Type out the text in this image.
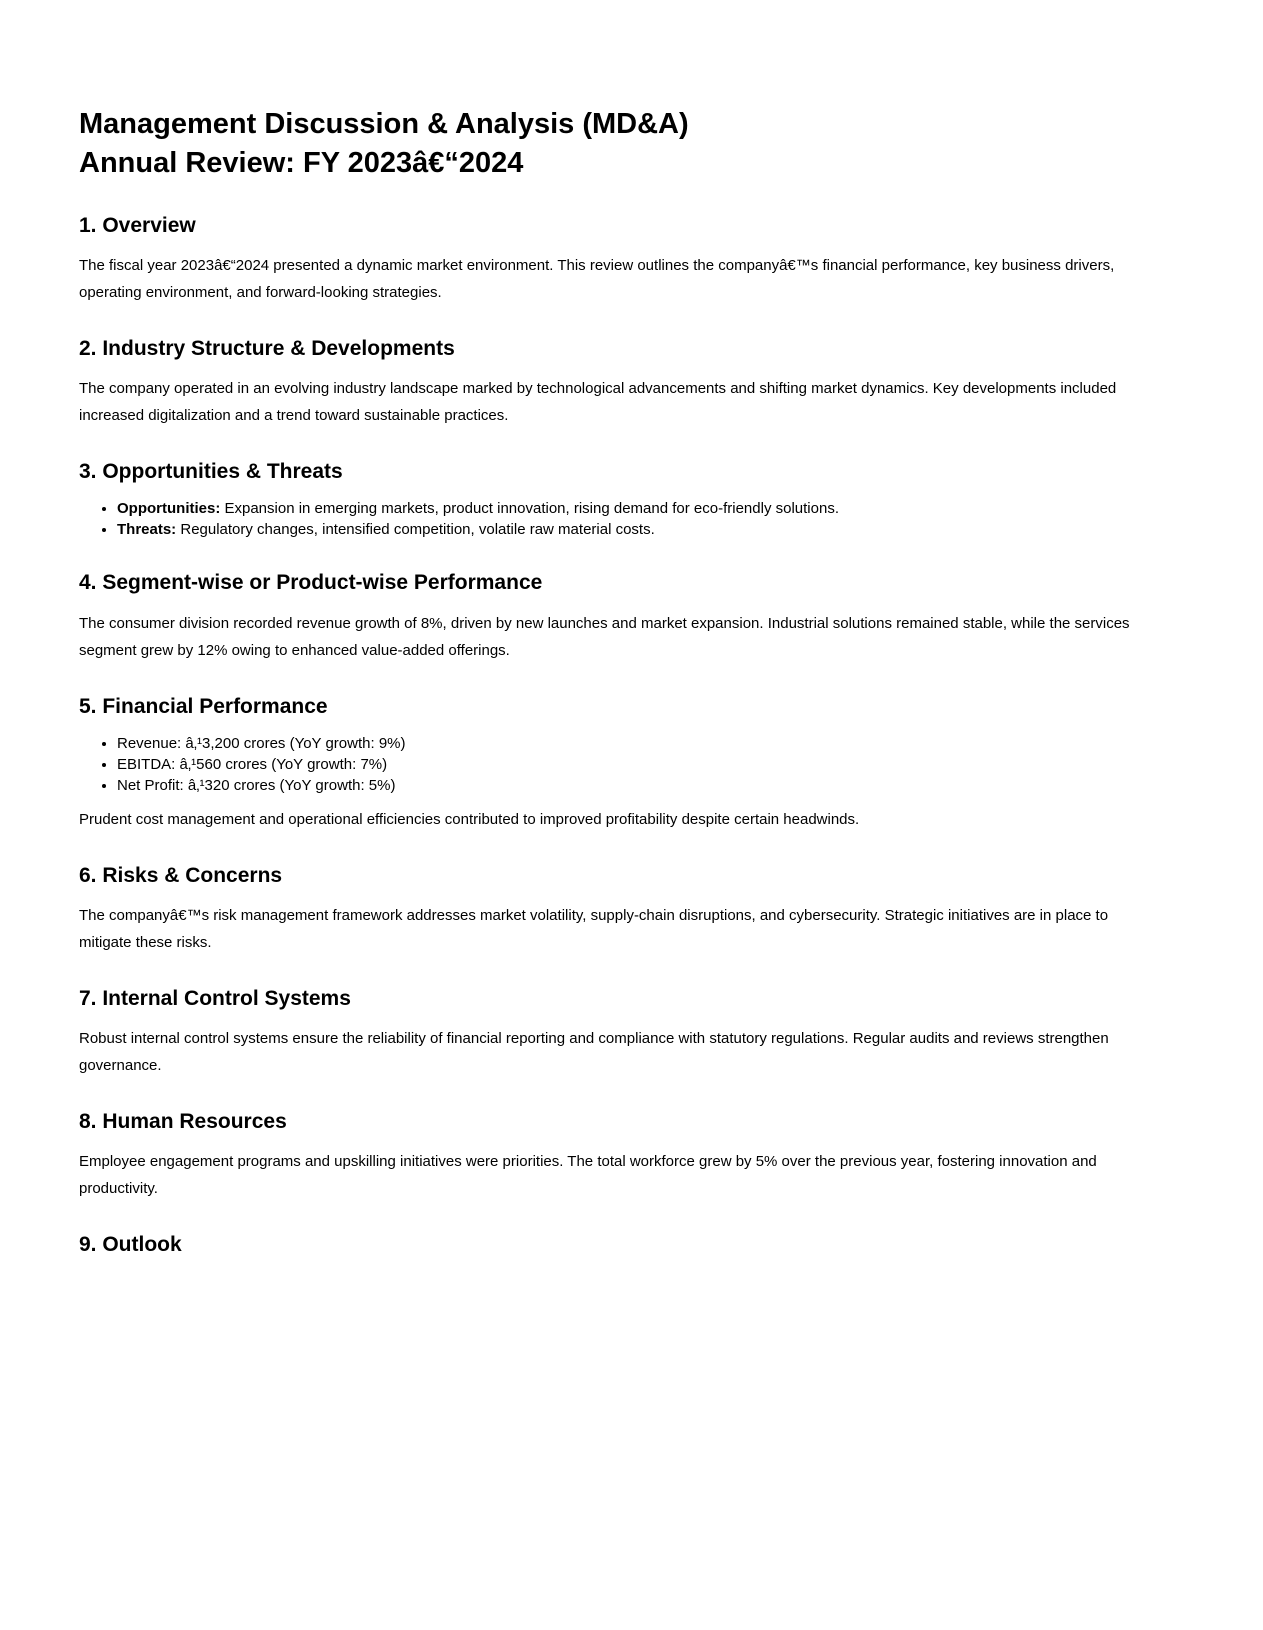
Management Discussion & Analysis (MD&A)
Annual Review: FY 2023â€“2024
1. Overview

The fiscal year 2023â€“2024 presented a dynamic market environment. This review outlines the companyâ€™s financial performance, key business drivers, operating environment, and forward-looking strategies.

2. Industry Structure & Developments

The company operated in an evolving industry landscape marked by technological advancements and shifting market dynamics. Key developments included increased digitalization and a trend toward sustainable practices.

3. Opportunities & Threats
• Opportunities: Expansion in emerging markets, product innovation, rising demand for eco-friendly solutions.
• Threats: Regulatory changes, intensified competition, volatile raw material costs.
4. Segment-wise or Product-wise Performance

The consumer division recorded revenue growth of 8%, driven by new launches and market expansion. Industrial solutions remained stable, while the services segment grew by 12% owing to enhanced value-added offerings.

5. Financial Performance
• Revenue: â‚¹3,200 crores (YoY growth: 9%)
• EBITDA: â‚¹560 crores (YoY growth: 7%)
• Net Profit: â‚¹320 crores (YoY growth: 5%)

Prudent cost management and operational efficiencies contributed to improved profitability despite certain headwinds.

6. Risks & Concerns

The companyâ€™s risk management framework addresses market volatility, supply-chain disruptions, and cybersecurity. Strategic initiatives are in place to mitigate these risks.

7. Internal Control Systems

Robust internal control systems ensure the reliability of financial reporting and compliance with statutory regulations. Regular audits and reviews strengthen governance.

8. Human Resources

Employee engagement programs and upskilling initiatives were priorities. The total workforce grew by 5% over the previous year, fostering innovation and productivity.

9. Outlook
